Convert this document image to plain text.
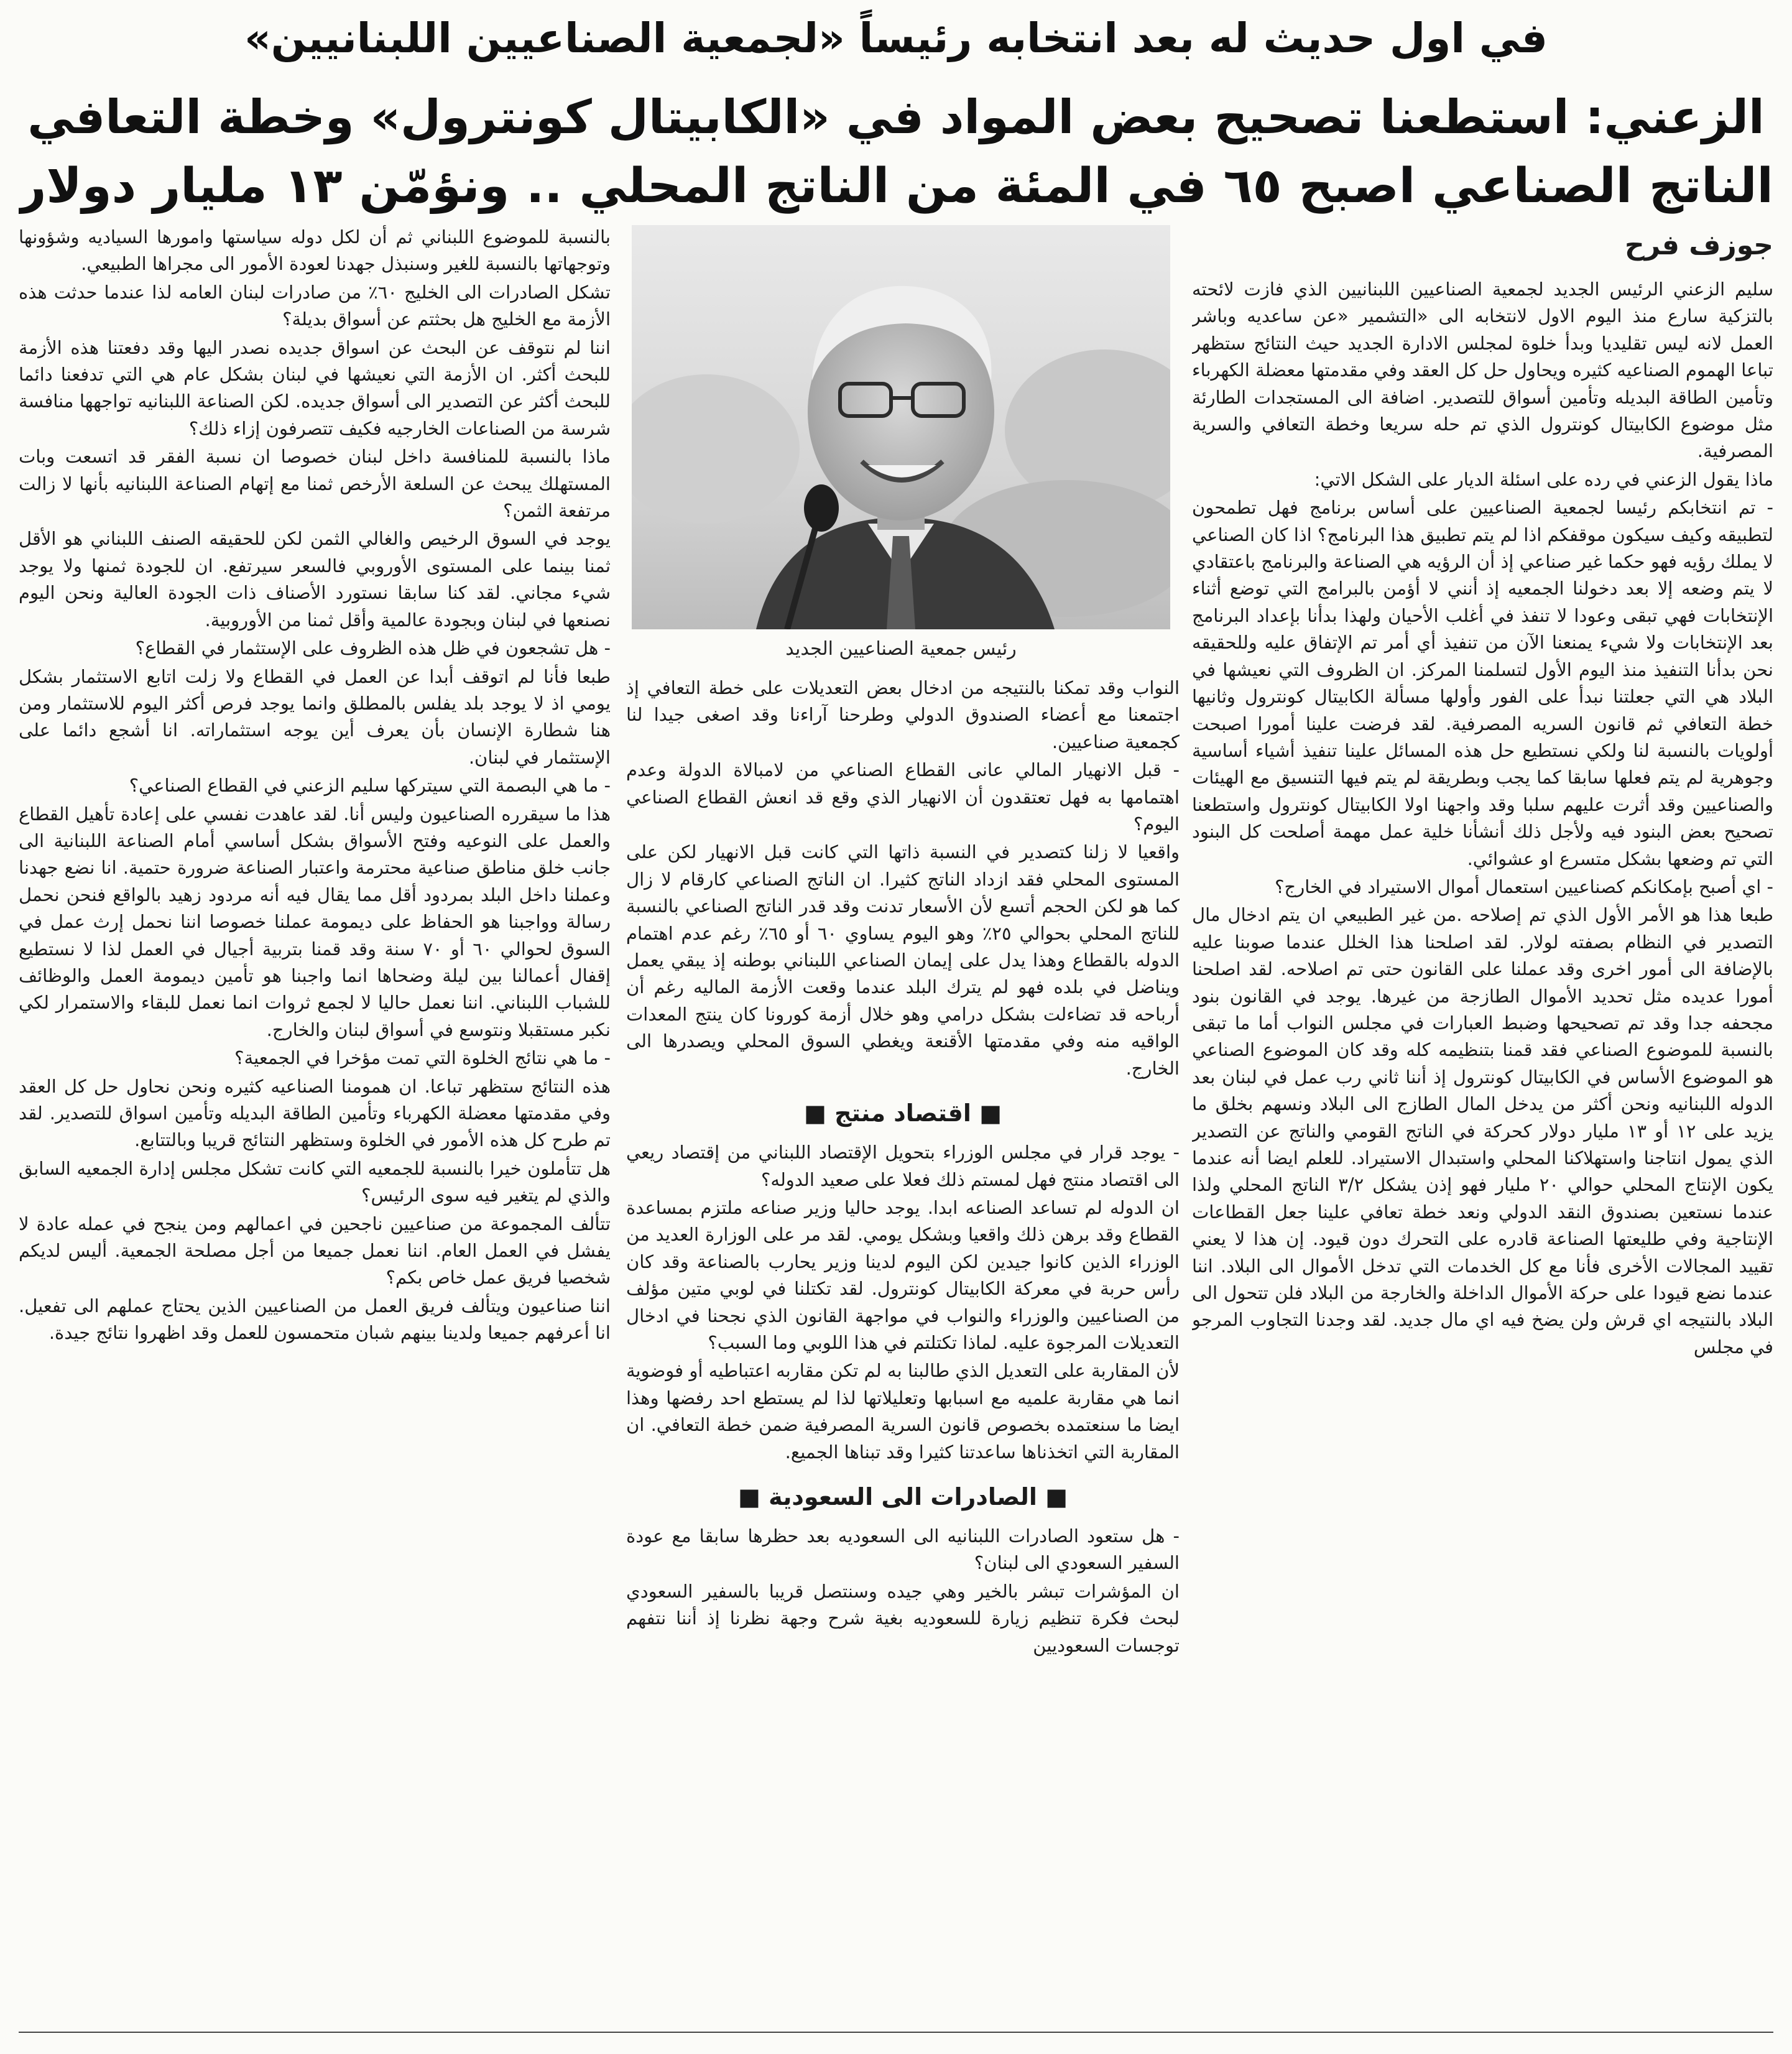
في اول حديث له بعد انتخابه رئيساً «لجمعية الصناعيين اللبنانيين»
الزعني: استطعنا تصحيح بعض المواد في «الكابيتال كونترول» وخطة التعافي
الناتج الصناعي اصبح ٦٥ في المئة من الناتج المحلي .. ونؤمّن ١٣ مليار دولار

جوزف فرح

سليم الزعني الرئيس الجديد لجمعية الصناعيين اللبنانيين الذي فازت لائحته بالتزكية سارع منذ اليوم الاول لانتخابه الى «التشمير «عن ساعديه وباشر العمل لانه ليس تقليديا وبدأ خلوة لمجلس الادارة الجديد حيث النتائج ستظهر تباعا الهموم الصناعيه كثيره ويحاول حل كل العقد وفي مقدمتها معضلة الكهرباء وتأمين الطاقة البديله وتأمين أسواق للتصدير. اضافة الى المستجدات الطارئة مثل موضوع الكابيتال كونترول الذي تم حله سريعا وخطة التعافي والسرية المصرفية.

ماذا يقول الزعني في رده على اسئلة الديار على الشكل الاتي:

- تم انتخابكم رئيسا لجمعية الصناعيين على أساس برنامج فهل تطمحون لتطبيقه وكيف سيكون موقفكم اذا لم يتم تطبيق هذا البرنامج؟ اذا كان الصناعي لا يملك رؤيه فهو حكما غير صناعي إذ أن الرؤيه هي الصناعة والبرنامج باعتقادي لا يتم وضعه إلا بعد دخولنا الجمعيه إذ أنني لا أؤمن بالبرامج التي توضع أثناء الإنتخابات فهي تبقى وعودا لا تنفذ في أغلب الأحيان ولهذا بدأنا بإعداد البرنامج بعد الإنتخابات ولا شيء يمنعنا الآن من تنفيذ أي أمر تم الإتفاق عليه وللحقيقه نحن بدأنا التنفيذ منذ اليوم الأول لتسلمنا المركز. ان الظروف التي نعيشها في البلاد هي التي جعلتنا نبدأ على الفور وأولها مسألة الكابيتال كونترول وثانيها خطة التعافي ثم قانون السريه المصرفية. لقد فرضت علينا أمورا اصبحت أولويات بالنسبة لنا ولكي نستطيع حل هذه المسائل علينا تنفيذ أشياء أساسية وجوهرية لم يتم فعلها سابقا كما يجب وبطريقة لم يتم فيها التنسيق مع الهيئات والصناعيين وقد أثرت عليهم سلبا وقد واجهنا اولا الكابيتال كونترول واستطعنا تصحيح بعض البنود فيه ولأجل ذلك أنشأنا خلية عمل مهمة أصلحت كل البنود التي تم وضعها بشكل متسرع او عشوائي.

- اي أصبح بإمكانكم كصناعيين استعمال أموال الاستيراد في الخارج؟

طبعا هذا هو الأمر الأول الذي تم إصلاحه .من غير الطبيعي ان يتم ادخال مال التصدير في النظام بصفته لولار. لقد اصلحنا هذا الخلل عندما صوبنا عليه بالإضافة الى أمور اخرى وقد عملنا على القانون حتى تم اصلاحه. لقد اصلحنا أمورا عديده مثل تحديد الأموال الطازجة من غيرها. يوجد في القانون بنود مجحفه جدا وقد تم تصحيحها وضبط العبارات في مجلس النواب أما ما تبقى بالنسبة للموضوع الصناعي فقد قمنا بتنظيمه كله وقد كان الموضوع الصناعي هو الموضوع الأساس في الكابيتال كونترول إذ أننا ثاني رب عمل في لبنان بعد الدوله اللبنانيه ونحن أكثر من يدخل المال الطازج الى البلاد ونسهم بخلق ما يزيد على ١٢ أو ١٣ مليار دولار كحركة في الناتج القومي والناتج عن التصدير الذي يمول انتاجنا واستهلاكنا المحلي واستبدال الاستيراد. للعلم ايضا أنه عندما يكون الإنتاج المحلي حوالي ٢٠ مليار فهو إذن يشكل ٣/٢ الناتج المحلي ولذا عندما نستعين بصندوق النقد الدولي ونعد خطة تعافي علينا جعل القطاعات الإنتاجية وفي طليعتها الصناعة قادره على التحرك دون قيود. إن هذا لا يعني تقييد المجالات الأخرى فأنا مع كل الخدمات التي تدخل الأموال الى البلاد. اننا عندما نضع قيودا على حركة الأموال الداخلة والخارجة من البلاد فلن تتحول الى البلاد بالنتيجه اي قرش ولن يضخ فيه اي مال جديد. لقد وجدنا التجاوب المرجو في مجلس

رئيس جمعية الصناعيين الجديد

النواب وقد تمكنا بالنتيجه من ادخال بعض التعديلات على خطة التعافي إذ اجتمعنا مع أعضاء الصندوق الدولي وطرحنا آراءنا وقد اصغى جيدا لنا كجمعية صناعيين.

- قبل الانهيار المالي عانى القطاع الصناعي من لامبالاة الدولة وعدم اهتمامها به فهل تعتقدون أن الانهيار الذي وقع قد انعش القطاع الصناعي اليوم؟

واقعيا لا زلنا كتصدير في النسبة ذاتها التي كانت قبل الانهيار لكن على المستوى المحلي فقد ازداد الناتج كثيرا. ان الناتج الصناعي كارقام لا زال كما هو لكن الحجم أتسع لأن الأسعار تدنت وقد قدر الناتج الصناعي بالنسبة للناتج المحلي بحوالي ٢٥٪ وهو اليوم يساوي ٦٠ أو ٦٥٪ رغم عدم اهتمام الدوله بالقطاع وهذا يدل على إيمان الصناعي اللبناني بوطنه إذ يبقي يعمل ويناضل في بلده فهو لم يترك البلد عندما وقعت الأزمة الماليه رغم أن أرباحه قد تضاءلت بشكل درامي وهو خلال أزمة كورونا كان ينتج المعدات الواقيه منه وفي مقدمتها الأقنعة ويغطي السوق المحلي ويصدرها الى الخارج.

■ اقتصاد منتج ■

- يوجد قرار في مجلس الوزراء بتحويل الإقتصاد اللبناني من إقتصاد ريعي الى اقتصاد منتج فهل لمستم ذلك فعلا على صعيد الدوله؟

ان الدوله لم تساعد الصناعه ابدا. يوجد حاليا وزير صناعه ملتزم بمساعدة القطاع وقد برهن ذلك واقعيا وبشكل يومي. لقد مر على الوزارة العديد من الوزراء الذين كانوا جيدين لكن اليوم لدينا وزير يحارب بالصناعة وقد كان رأس حربة في معركة الكابيتال كونترول. لقد تكتلنا في لوبي متين مؤلف من الصناعيين والوزراء والنواب في مواجهة القانون الذي نجحنا في ادخال التعديلات المرجوة عليه. لماذا تكتلتم في هذا اللوبي وما السبب؟

لأن المقاربة على التعديل الذي طالبنا به لم تكن مقاربه اعتباطيه أو فوضوية انما هي مقاربة علميه مع اسبابها وتعليلاتها لذا لم يستطع احد رفضها وهذا ايضا ما سنعتمده بخصوص قانون السرية المصرفية ضمن خطة التعافي. ان المقاربة التي اتخذناها ساعدتنا كثيرا وقد تبناها الجميع.

■ الصادرات الى السعودية ■

- هل ستعود الصادرات اللبنانيه الى السعوديه بعد حظرها سابقا مع عودة السفير السعودي الى لبنان؟

ان المؤشرات تبشر بالخير وهي جيده وسنتصل قريبا بالسفير السعودي لبحث فكرة تنظيم زيارة للسعوديه بغية شرح وجهة نظرنا إذ أننا نتفهم توجسات السعوديين

بالنسبة للموضوع اللبناني ثم أن لكل دوله سياستها وامورها السياديه وشؤونها وتوجهاتها بالنسبة للغير وسنبذل جهدنا لعودة الأمور الى مجراها الطبيعي.

تشكل الصادرات الى الخليج ٦٠٪ من صادرات لبنان العامه لذا عندما حدثت هذه الأزمة مع الخليج هل بحثتم عن أسواق بديلة؟

اننا لم نتوقف عن البحث عن اسواق جديده نصدر اليها وقد دفعتنا هذه الأزمة للبحث أكثر. ان الأزمة التي نعيشها في لبنان بشكل عام هي التي تدفعنا دائما للبحث أكثر عن التصدير الى أسواق جديده. لكن الصناعة اللبنانيه تواجهها منافسة شرسة من الصناعات الخارجيه فكيف تتصرفون إزاء ذلك؟

ماذا بالنسبة للمنافسة داخل لبنان خصوصا ان نسبة الفقر قد اتسعت وبات المستهلك يبحث عن السلعة الأرخص ثمنا مع إتهام الصناعة اللبنانيه بأنها لا زالت مرتفعة الثمن؟

يوجد في السوق الرخيص والغالي الثمن لكن للحقيقه الصنف اللبناني هو الأقل ثمنا بينما على المستوى الأوروبي فالسعر سيرتفع. ان للجودة ثمنها ولا يوجد شيء مجاني. لقد كنا سابقا نستورد الأصناف ذات الجودة العالية ونحن اليوم نصنعها في لبنان وبجودة عالمية وأقل ثمنا من الأوروبية.

- هل تشجعون في ظل هذه الظروف على الإستثمار في القطاع؟

طبعا فأنا لم اتوقف أبدا عن العمل في القطاع ولا زلت اتابع الاستثمار بشكل يومي اذ لا يوجد بلد يفلس بالمطلق وانما يوجد فرص أكثر اليوم للاستثمار ومن هنا شطارة الإنسان بأن يعرف أين يوجه استثماراته. انا أشجع دائما على الإستثمار في لبنان.

- ما هي البصمة التي سيتركها سليم الزعني في القطاع الصناعي؟

هذا ما سيقرره الصناعيون وليس أنا. لقد عاهدت نفسي على إعادة تأهيل القطاع والعمل على النوعيه وفتح الأسواق بشكل أساسي أمام الصناعة اللبنانية الى جانب خلق مناطق صناعية محترمة واعتبار الصناعة ضرورة حتمية. انا نضع جهدنا وعملنا داخل البلد بمردود أقل مما يقال فيه أنه مردود زهيد بالواقع فنحن نحمل رسالة وواجبنا هو الحفاظ على ديمومة عملنا خصوصا اننا نحمل إرث عمل في السوق لحوالي ٦٠ أو ٧٠ سنة وقد قمنا بتربية أجيال في العمل لذا لا نستطيع إقفال أعمالنا بين ليلة وضحاها انما واجبنا هو تأمين ديمومة العمل والوظائف للشباب اللبناني. اننا نعمل حاليا لا لجمع ثروات انما نعمل للبقاء والاستمرار لكي نكبر مستقبلا ونتوسع في أسواق لبنان والخارج.

- ما هي نتائج الخلوة التي تمت مؤخرا في الجمعية؟

هذه النتائج ستظهر تباعا. ان همومنا الصناعيه كثيره ونحن نحاول حل كل العقد وفي مقدمتها معضلة الكهرباء وتأمين الطاقة البديله وتأمين اسواق للتصدير. لقد تم طرح كل هذه الأمور في الخلوة وستظهر النتائج قريبا وبالتتابع.

هل تتأملون خيرا بالنسبة للجمعيه التي كانت تشكل مجلس إدارة الجمعيه السابق والذي لم يتغير فيه سوى الرئيس؟

تتألف المجموعة من صناعيين ناجحين في اعمالهم ومن ينجح في عمله عادة لا يفشل في العمل العام. اننا نعمل جميعا من أجل مصلحة الجمعية. أليس لديكم شخصيا فريق عمل خاص بكم؟

اننا صناعيون ويتألف فريق العمل من الصناعيين الذين يحتاج عملهم الى تفعيل. انا أعرفهم جميعا ولدينا بينهم شبان متحمسون للعمل وقد اظهروا نتائج جيدة.
